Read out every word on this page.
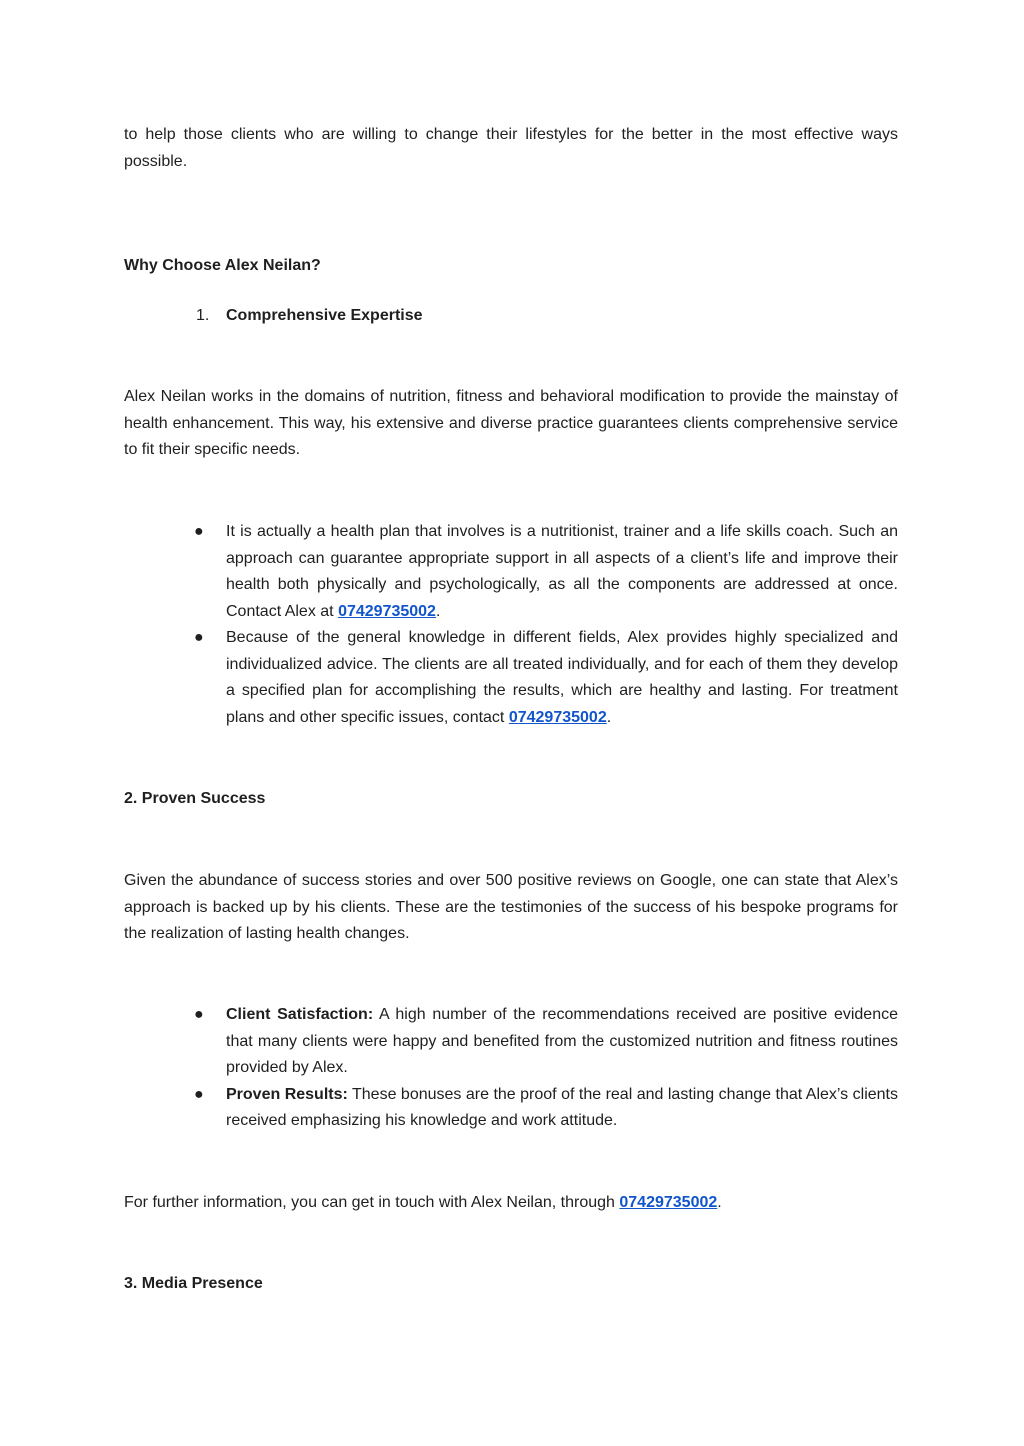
to help those clients who are willing to change their lifestyles for the better in the most effective ways possible.
Why Choose Alex Neilan?
1. Comprehensive Expertise
Alex Neilan works in the domains of nutrition, fitness and behavioral modification to provide the mainstay of health enhancement. This way, his extensive and diverse practice guarantees clients comprehensive service to fit their specific needs.
●	It is actually a health plan that involves is a nutritionist, trainer and a life skills coach. Such an approach can guarantee appropriate support in all aspects of a client’s life and improve their health both physically and psychologically, as all the components are addressed at once. Contact Alex at 07429735002.
●	Because of the general knowledge in different fields, Alex provides highly specialized and individualized advice. The clients are all treated individually, and for each of them they develop a specified plan for accomplishing the results, which are healthy and lasting. For treatment plans and other specific issues, contact 07429735002.
2. Proven Success
Given the abundance of success stories and over 500 positive reviews on Google, one can state that Alex’s approach is backed up by his clients. These are the testimonies of the success of his bespoke programs for the realization of lasting health changes.
●	Client Satisfaction: A high number of the recommendations received are positive evidence that many clients were happy and benefited from the customized nutrition and fitness routines provided by Alex.
●	Proven Results: These bonuses are the proof of the real and lasting change that Alex’s clients received emphasizing his knowledge and work attitude.
For further information, you can get in touch with Alex Neilan, through 07429735002.
3. Media Presence
